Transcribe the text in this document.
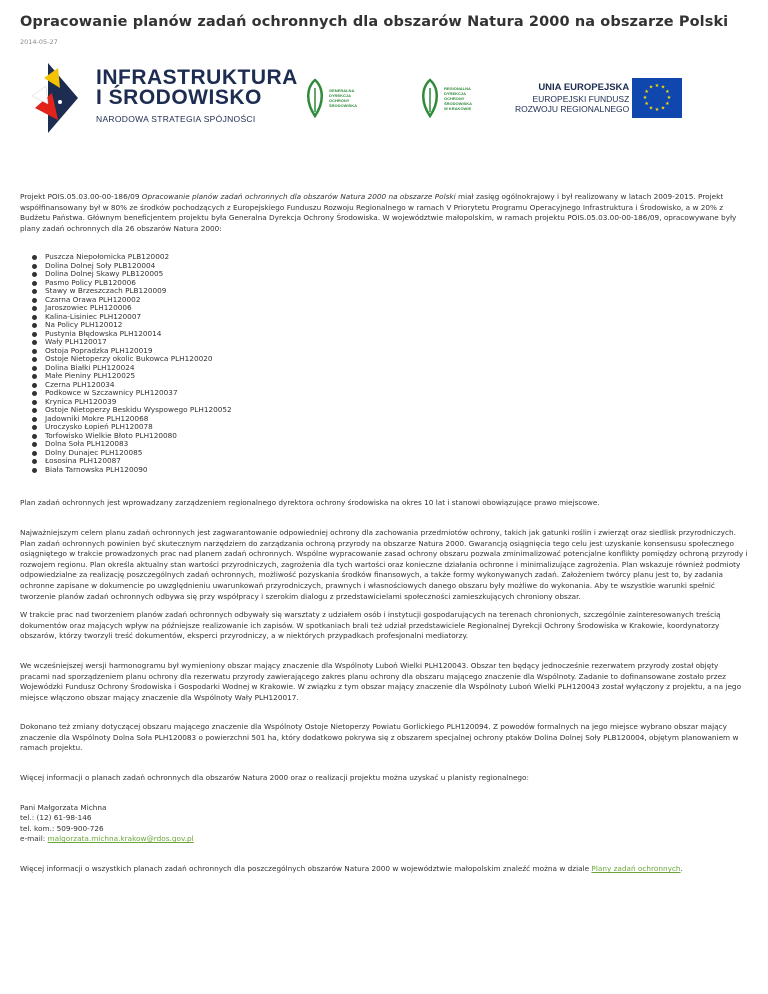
Opracowanie planów zadań ochronnych dla obszarów Natura 2000 na obszarze Polski
2014-05-27
INFRASTRUKTURA
I ŚRODOWISKO
NARODOWA STRATEGIA SPÓJNOŚCI
GENERALNA
DYREKCJA
OCHRONY
ŚRODOWISKA
REGIONALNA
DYREKCJA
OCHRONY
ŚRODOWISKA
W KRAKOWIE
UNIA EUROPEJSKA
EUROPEJSKI FUNDUSZ
ROZWOJU REGIONALNEGO
★ ★
★
★
★
★
★
★
★
★
★
★

Projekt POIS.05.03.00-00-186/09 Opracowanie planów zadań ochronnych dla obszarów Natura 2000 na obszarze Polski miał zasięg ogólnokrajowy i był realizowany w latach 2009-2015. Projekt współfinansowany był w 80% ze środków pochodzących z Europejskiego Funduszu Rozwoju Regionalnego w ramach V Priorytetu Programu Operacyjnego Infrastruktura i Środowisko, a w 20% z Budżetu Państwa. Głównym beneficjentem projektu była Generalna Dyrekcja Ochrony Środowiska. W województwie małopolskim, w ramach projektu POIS.05.03.00-00-186/09, opracowywane były plany zadań ochronnych dla 26 obszarów Natura 2000:

Puszcza Niepołomicka PLB120002
Dolina Dolnej Soły PLB120004
Dolina Dolnej Skawy PLB120005
Pasmo Policy PLB120006
Stawy w Brzeszczach PLB120009
Czarna Orawa PLH120002
Jaroszowiec PLH120006
Kalina-Lisiniec PLH120007
Na Policy PLH120012
Pustynia Błędowska PLH120014
Wały PLH120017
Ostoja Popradzka PLH120019
Ostoje Nietoperzy okolic Bukowca PLH120020
Dolina Białki PLH120024
Małe Pieniny PLH120025
Czerna PLH120034
Podkowce w Szczawnicy PLH120037
Krynica PLH120039
Ostoje Nietoperzy Beskidu Wyspowego PLH120052
Jadowniki Mokre PLH120068
Uroczysko Łopień PLH120078
Torfowisko Wielkie Błoto PLH120080
Dolna Soła PLH120083
Dolny Dunajec PLH120085
Łososina PLH120087
Biała Tarnowska PLH120090

Plan zadań ochronnych jest wprowadzany zarządzeniem regionalnego dyrektora ochrony środowiska na okres 10 lat i stanowi obowiązujące prawo miejscowe.

Najważniejszym celem planu zadań ochronnych jest zagwarantowanie odpowiedniej ochrony dla zachowania przedmiotów ochrony, takich jak gatunki roślin i zwierząt oraz siedlisk przyrodniczych. Plan zadań ochronnych powinien być skutecznym narzędziem do zarządzania ochroną przyrody na obszarze Natura 2000. Gwarancją osiągnięcia tego celu jest uzyskanie konsensusu społecznego osiągniętego w trakcie prowadzonych prac nad planem zadań ochronnych. Wspólne wypracowanie zasad ochrony obszaru pozwala zminimalizować potencjalne konflikty pomiędzy ochroną przyrody i rozwojem regionu. Plan określa aktualny stan wartości przyrodniczych, zagrożenia dla tych wartości oraz konieczne działania ochronne i minimalizujące zagrożenia. Plan wskazuje również podmioty odpowiedzialne za realizację poszczególnych zadań ochronnych, możliwość pozyskania środków finansowych, a także formy wykonywanych zadań. Założeniem twórcy planu jest to, by zadania ochronne zapisane w dokumencie po uwzględnieniu uwarunkowań przyrodniczych, prawnych i własnościowych danego obszaru były możliwe do wykonania. Aby te wszystkie warunki spełnić tworzenie planów zadań ochronnych odbywa się przy współpracy i szerokim dialogu z przedstawicielami społeczności zamieszkujących chroniony obszar.

W trakcie prac nad tworzeniem planów zadań ochronnych odbywały się warsztaty z udziałem osób i instytucji gospodarujących na terenach chronionych, szczególnie zainteresowanych treścią dokumentów oraz mających wpływ na późniejsze realizowanie ich zapisów. W spotkaniach brali też udział przedstawiciele Regionalnej Dyrekcji Ochrony Środowiska w Krakowie, koordynatorzy obszarów, którzy tworzyli treść dokumentów, eksperci przyrodniczy, a w niektórych przypadkach profesjonalni mediatorzy.

We wcześniejszej wersji harmonogramu był wymieniony obszar mający znaczenie dla Wspólnoty Luboń Wielki PLH120043. Obszar ten będący jednocześnie rezerwatem przyrody został objęty pracami nad sporządzeniem planu ochrony dla rezerwatu przyrody zawierającego zakres planu ochrony dla obszaru mającego znaczenie dla Wspólnoty. Zadanie to dofinansowane zostało przez Wojewódzki Fundusz Ochrony Środowiska i Gospodarki Wodnej w Krakowie. W związku z tym obszar mający znaczenie dla Wspólnoty Luboń Wielki PLH120043 został wyłączony z projektu, a na jego miejsce włączono obszar mający znaczenie dla Wspólnoty Wały PLH120017.

Dokonano też zmiany dotyczącej obszaru mającego znaczenie dla Wspólnoty Ostoje Nietoperzy Powiatu Gorlickiego PLH120094. Z powodów formalnych na jego miejsce wybrano obszar mający znaczenie dla Wspólnoty Dolna Soła PLH120083 o powierzchni 501 ha, który dodatkowo pokrywa się z obszarem specjalnej ochrony ptaków Dolina Dolnej Soły PLB120004, objętym planowaniem w ramach projektu.

Więcej informacji o planach zadań ochronnych dla obszarów Natura 2000 oraz o realizacji projektu można uzyskać u planisty regionalnego:

Pani Małgorzata Michna
tel.: (12) 61-98-146
tel. kom.: 509-900-726
e-mail: malgorzata.michna.krakow@rdos.gov.pl

Więcej informacji o wszystkich planach zadań ochronnych dla poszczególnych obszarów Natura 2000 w województwie małopolskim znaleźć można w dziale Plany zadań ochronnych.
